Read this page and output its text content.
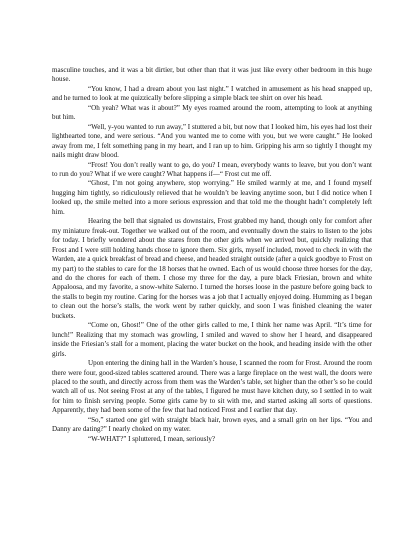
masculine touches, and it was a bit dirtier, but other than that it was just like every other bedroom in this huge house.

“You know, I had a dream about you last night.” I watched in amusement as his head snapped up, and he turned to look at me quizzically before slipping a simple black tee shirt on over his head.

“Oh yeah? What was it about?” My eyes roamed around the room, attempting to look at anything but him.

“Well, y-you wanted to run away,” I stuttered a bit, but now that I looked him, his eyes had lost their lighthearted tone, and were serious. “And you wanted me to come with you, but we were caught.” He looked away from me, I felt something pang in my heart, and I ran up to him. Gripping his arm so tightly I thought my nails might draw blood.

“Frost! You don’t really want to go, do you? I mean, everybody wants to leave, but you don’t want to run do you? What if we were caught? What happens if—“ Frost cut me off.

“Ghost, I’m not going anywhere, stop worrying.” He smiled warmly at me, and I found myself hugging him tightly, so ridiculously relieved that he wouldn’t be leaving anytime soon, but I did notice when I looked up, the smile melted into a more serious expression and that told me the thought hadn’t completely left him.

Hearing the bell that signaled us downstairs, Frost grabbed my hand, though only for comfort after my miniature freak-out. Together we walked out of the room, and eventually down the stairs to listen to the jobs for today. I briefly wondered about the stares from the other girls when we arrived but, quickly realizing that Frost and I were still holding hands chose to ignore them. Six girls, myself included, moved to check in with the Warden, ate a quick breakfast of bread and cheese, and headed straight outside (after a quick goodbye to Frost on my part) to the stables to care for the 18 horses that he owned. Each of us would choose three horses for the day, and do the chores for each of them. I chose my three for the day, a pure black Friesian, brown and white Appaloosa, and my favorite, a snow-white Salerno. I turned the horses loose in the pasture before going back to the stalls to begin my routine. Caring for the horses was a job that I actually enjoyed doing. Humming as I began to clean out the horse’s stalls, the work went by rather quickly, and soon I was finished cleaning the water buckets.

“Come on, Ghost!” One of the other girls called to me, I think her name was April. “It’s time for lunch!” Realizing that my stomach was growling, I smiled and waved to show her I heard, and disappeared inside the Friesian’s stall for a moment, placing the water bucket on the hook, and heading inside with the other girls.

Upon entering the dining hall in the Warden’s house, I scanned the room for Frost. Around the room there were four, good-sized tables scattered around. There was a large fireplace on the west wall, the doors were placed to the south, and directly across from them was the Warden’s table, set higher than the other’s so he could watch all of us. Not seeing Frost at any of the tables, I figured he must have kitchen duty, so I settled in to wait for him to finish serving people. Some girls came by to sit with me, and started asking all sorts of questions. Apparently, they had been some of the few that had noticed Frost and I earlier that day.

“So,” started one girl with straight black hair, brown eyes, and a small grin on her lips. “You and Danny are dating?” I nearly choked on my water.

“W-WHAT?” I spluttered, I mean, seriously?
